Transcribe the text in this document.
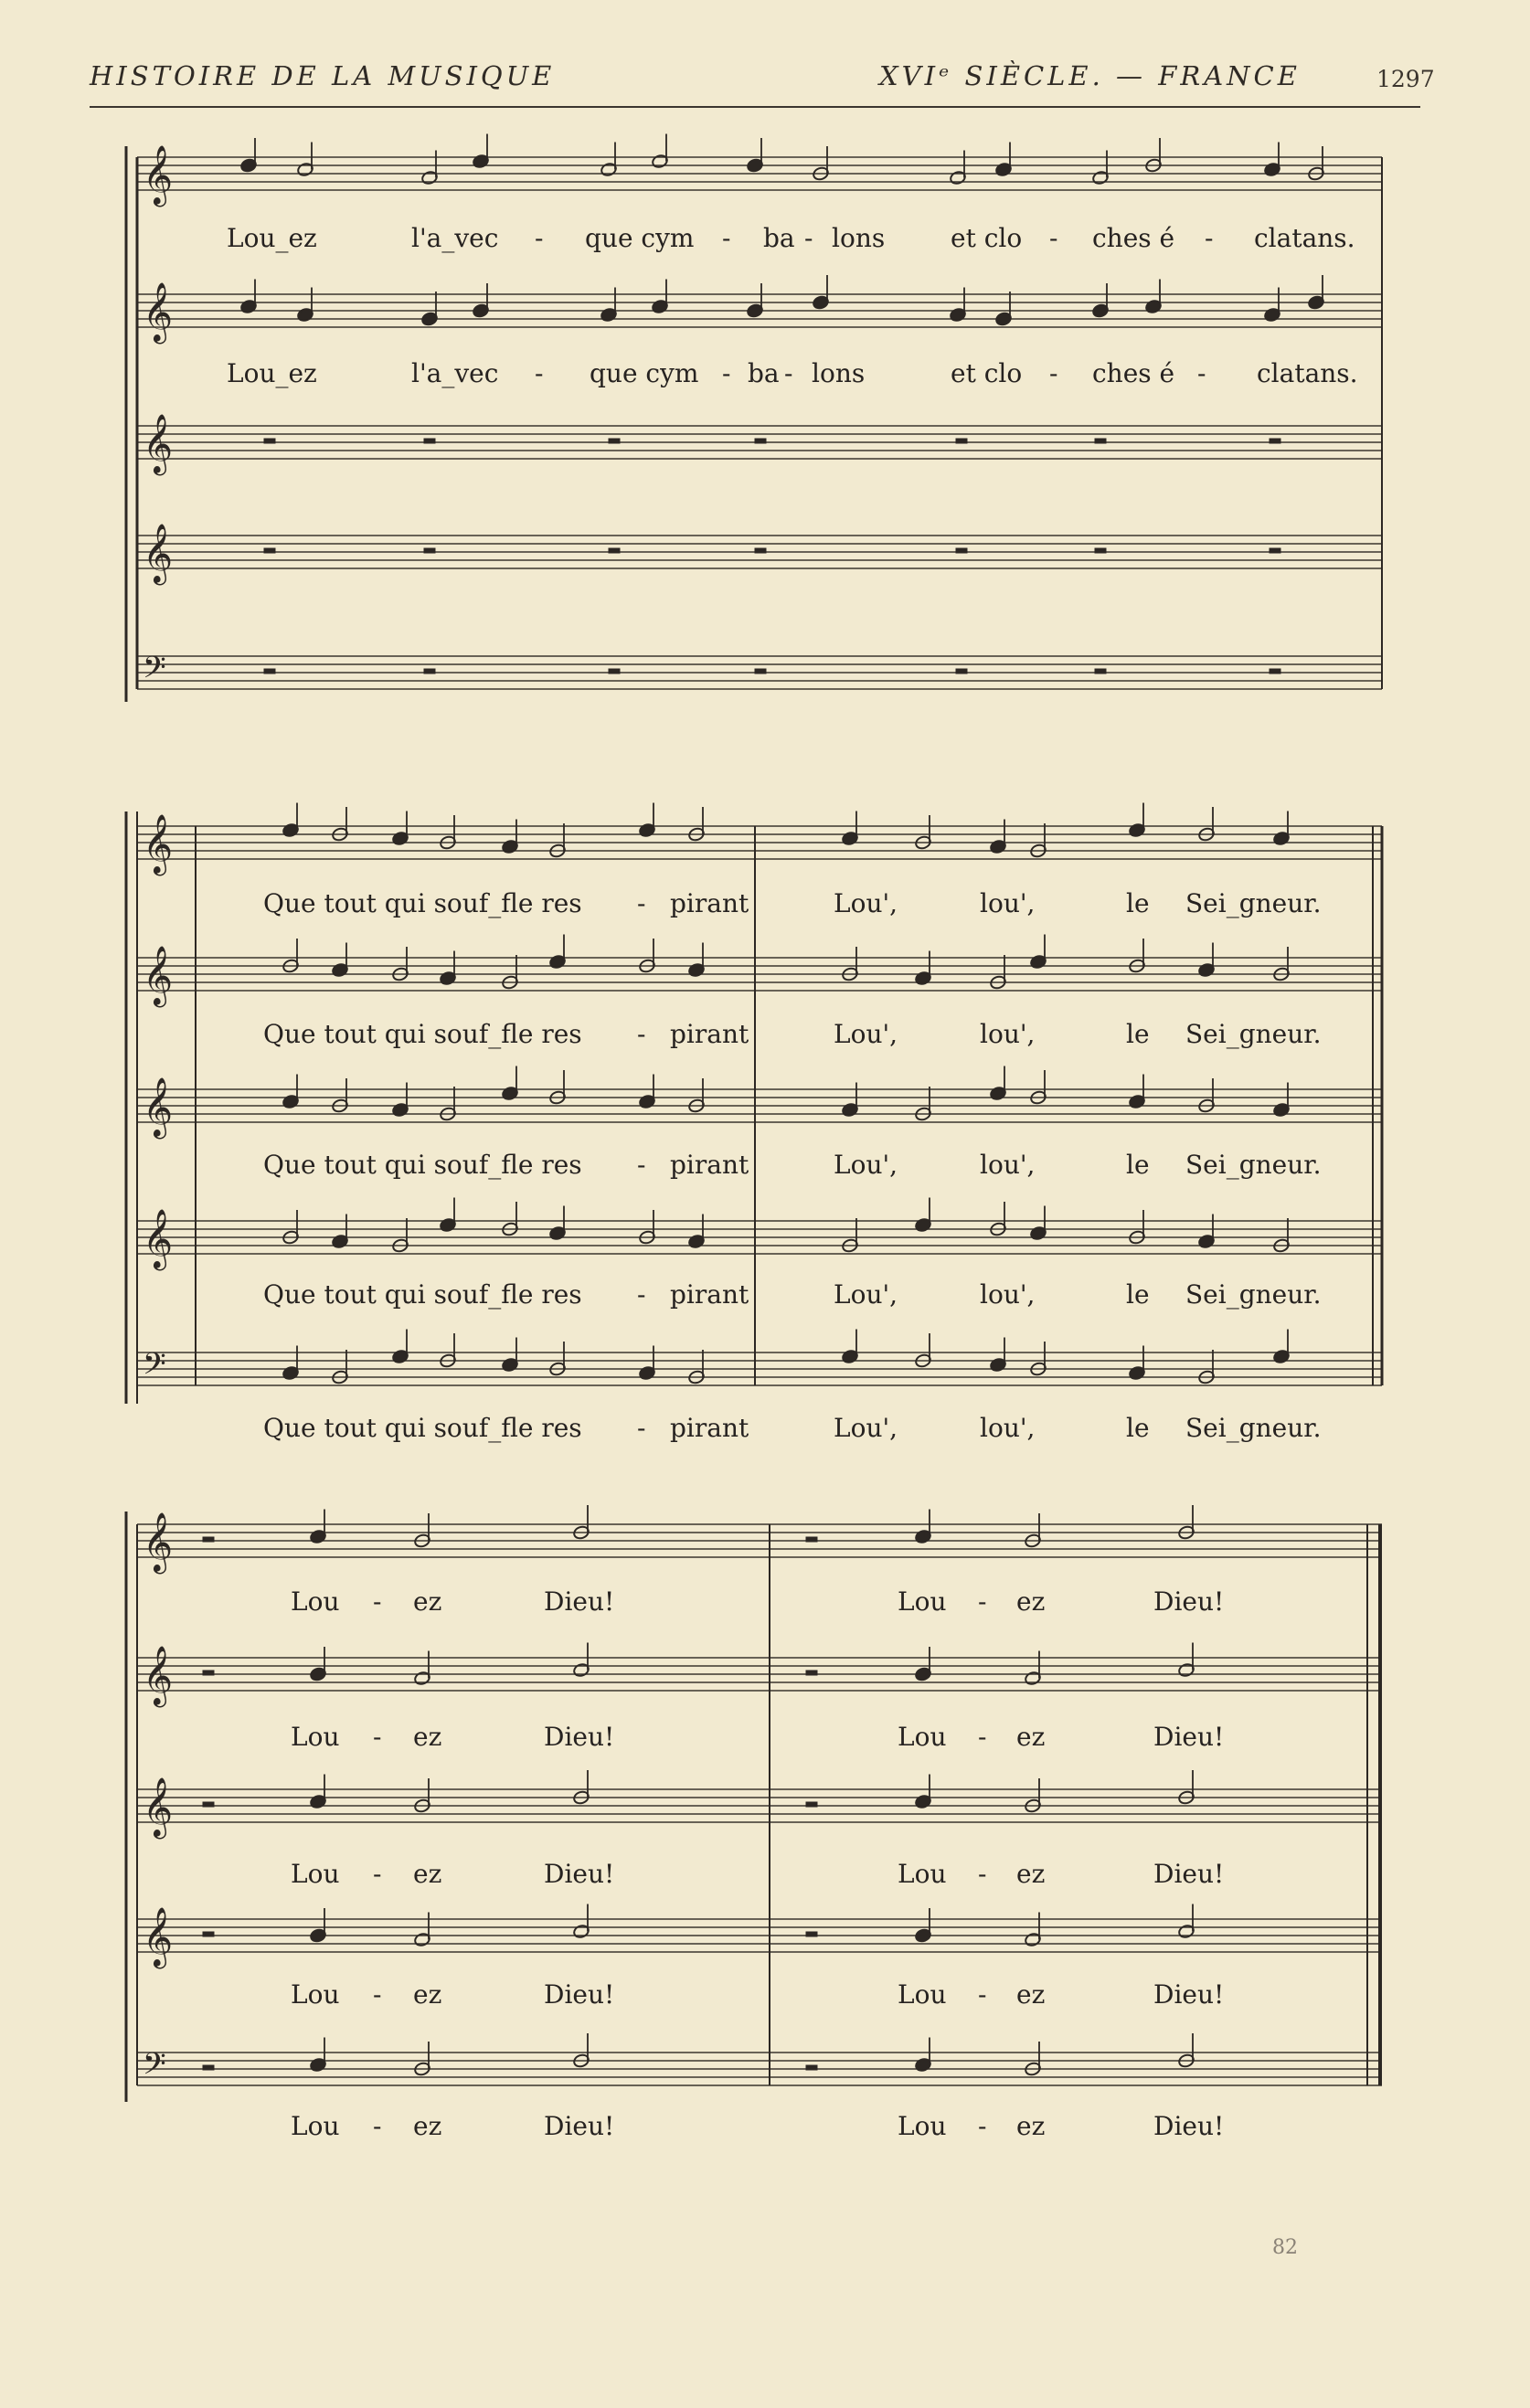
HISTOIRE DE LA MUSIQUE	XVIᵉ SIÈCLE. — FRANCE	1297
𝄞
𝄞
𝄞
𝄞
𝄢
𝄞
𝄞
𝄞
𝄞
𝄢
𝄞
𝄞
𝄞
𝄞
𝄢
Lou_ez	l'a_vec - que cym - ba - lons	et clo - ches é - clatans.
Lou_ez	l'a_vec - que cym - ba - lons	et clo - ches é - clatans.
Que tout qui souf_fle res - pirant	Lou',	lou',	le Sei_gneur.
Que tout qui souf_fle res - pirant	Lou',	lou',	le Sei_gneur.
Que tout qui souf_fle res - pirant	Lou',	lou',	le Sei_gneur.
Que tout qui souf_fle res - pirant	Lou',	lou',	le Sei_gneur.
Que tout qui souf_fle res - pirant	Lou',	lou',	le Sei_gneur.
Lou - ez	Dieu!	Lou - ez	Dieu!
Lou - ez	Dieu!	Lou - ez	Dieu!
Lou - ez	Dieu!	Lou - ez	Dieu!
Lou - ez	Dieu!	Lou - ez	Dieu!
Lou - ez	Dieu!	Lou - ez	Dieu!
82
